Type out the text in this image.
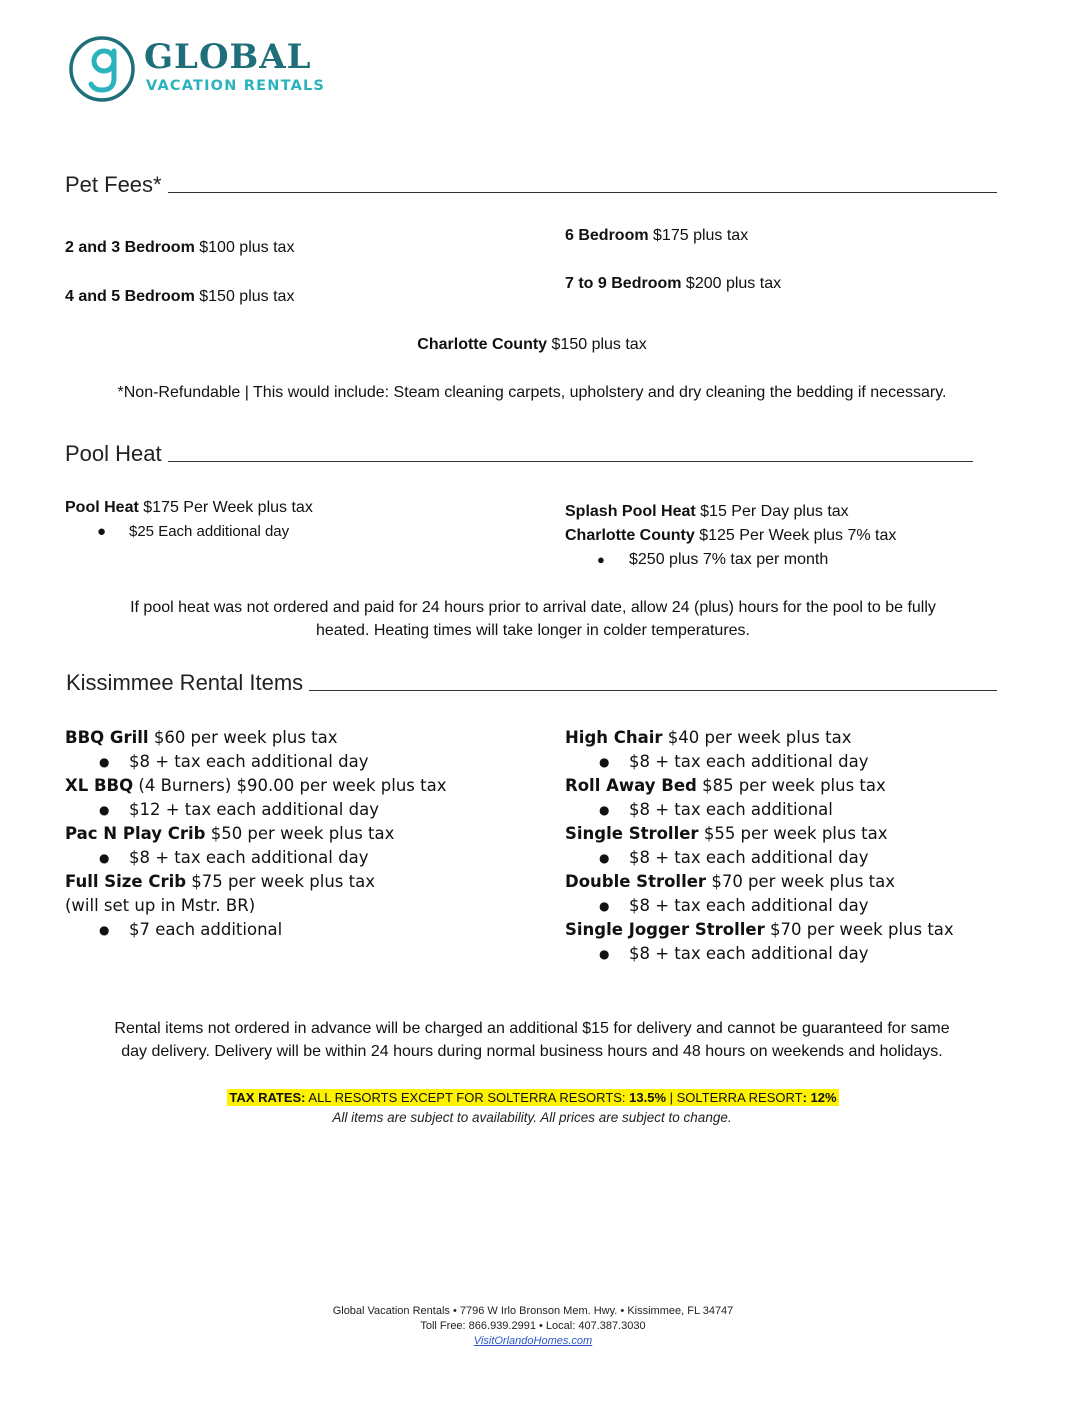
GLOBAL
VACATION RENTALS
Pet Fees*
2 and 3 Bedroom $100 plus tax
4 and 5 Bedroom $150 plus tax
6 Bedroom $175 plus tax
7 to 9 Bedroom $200 plus tax
Charlotte County $150 plus tax
*Non-Refundable | This would include: Steam cleaning carpets, upholstery and dry cleaning the bedding if necessary.
Pool Heat
Pool Heat $175 Per Week plus tax
● $25 Each additional day
Splash Pool Heat $15 Per Day plus tax
Charlotte County $125 Per Week plus 7% tax
● $250 plus 7% tax per month
If pool heat was not ordered and paid for 24 hours prior to arrival date, allow 24 (plus) hours for the pool to be fully
heated. Heating times will take longer in colder temperatures.
Kissimmee Rental Items
BBQ Grill $60 per week plus tax
● $8 + tax each additional day
XL BBQ (4 Burners) $90.00 per week plus tax
● $12 + tax each additional day
Pac N Play Crib $50 per week plus tax
● $8 + tax each additional day
Full Size Crib $75 per week plus tax
(will set up in Mstr. BR)
● $7 each additional
High Chair $40 per week plus tax
● $8 + tax each additional day
Roll Away Bed $85 per week plus tax
● $8 + tax each additional
Single Stroller $55 per week plus tax
● $8 + tax each additional day
Double Stroller $70 per week plus tax
● $8 + tax each additional day
Single Jogger Stroller $70 per week plus tax
● $8 + tax each additional day
Rental items not ordered in advance will be charged an additional $15 for delivery and cannot be guaranteed for same
day delivery. Delivery will be within 24 hours during normal business hours and 48 hours on weekends and holidays.
TAX RATES: ALL RESORTS EXCEPT FOR SOLTERRA RESORTS: 13.5% | SOLTERRA RESORT: 12%
All items are subject to availability. All prices are subject to change.
Global Vacation Rentals • 7796 W Irlo Bronson Mem. Hwy. • Kissimmee, FL 34747
Toll Free: 866.939.2991 • Local: 407.387.3030
VisitOrlandoHomes.com
